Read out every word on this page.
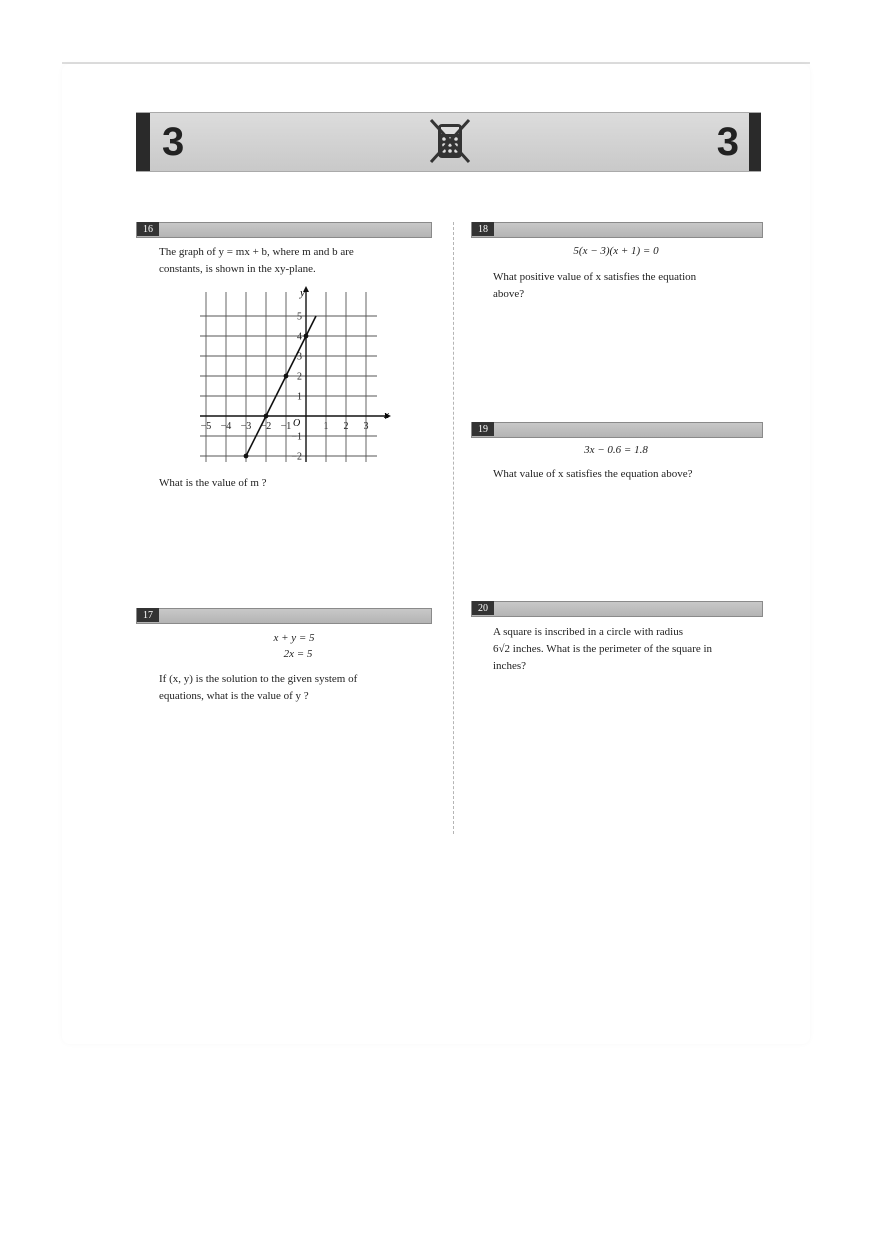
3	3
16
The graph of y = mx + b, where m and b are
constants, is shown in the xy-plane.
−5 −4 −3 −2 −1	1 2 3
5
4
3
2
1
−1
−2
x
y
O
What is the value of m ?
17
x + y = 5
2x = 5
If (x, y) is the solution to the given system of
equations, what is the value of y ?
18
5(x − 3)(x + 1) = 0
What positive value of x satisfies the equation
above?
19
3x − 0.6 = 1.8
What value of x satisfies the equation above?
20
A square is inscribed in a circle with radius
6√2 inches. What is the perimeter of the square in
inches?
